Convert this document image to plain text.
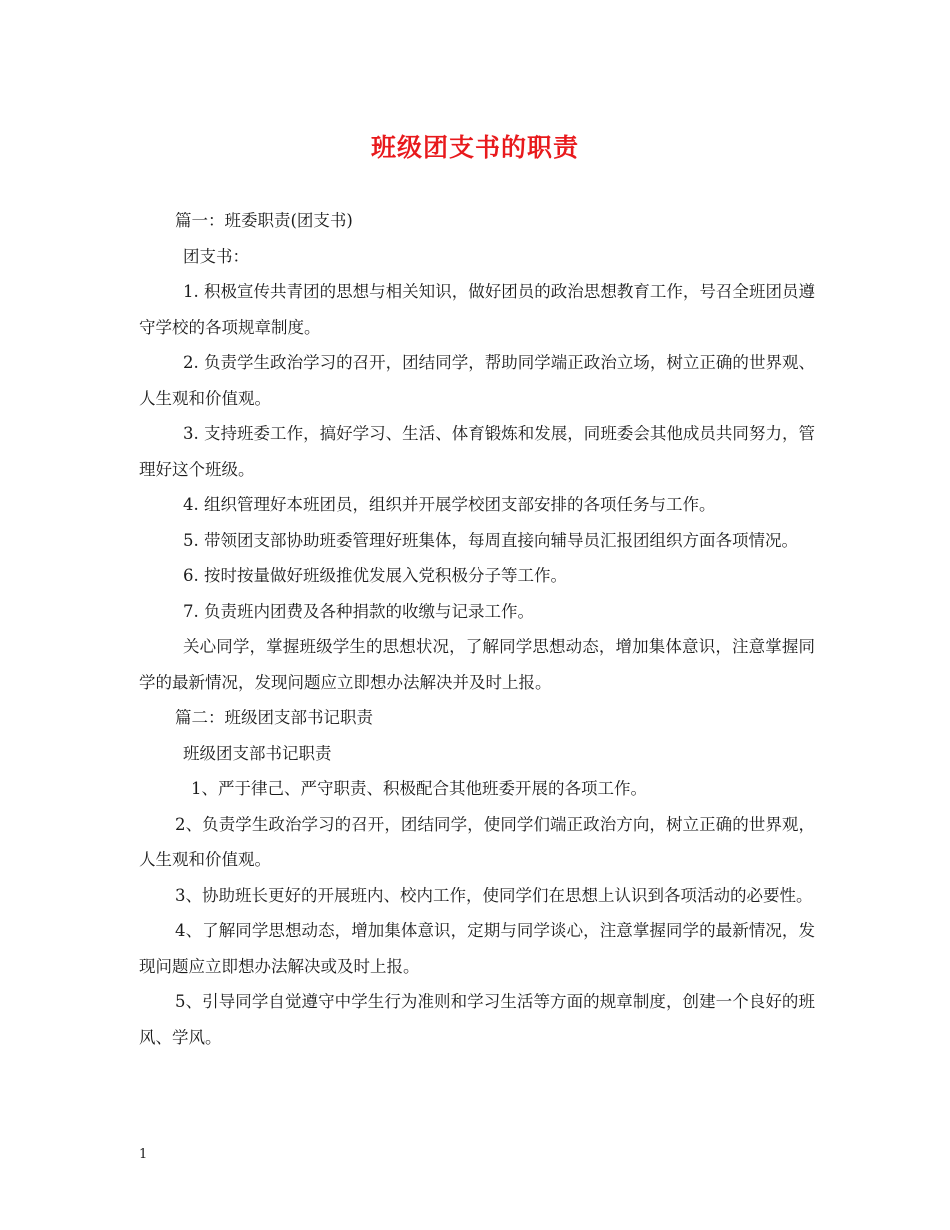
班级团支书的职责

篇一：班委职责(团支书)

团支书：

1. 积极宣传共青团的思想与相关知识，做好团员的政治思想教育工作，号召全班团员遵守学校的各项规章制度。

2. 负责学生政治学习的召开，团结同学，帮助同学端正政治立场，树立正确的世界观、人生观和价值观。

3. 支持班委工作，搞好学习、生活、体育锻炼和发展，同班委会其他成员共同努力，管理好这个班级。

4. 组织管理好本班团员，组织并开展学校团支部安排的各项任务与工作。

5. 带领团支部协助班委管理好班集体，每周直接向辅导员汇报团组织方面各项情况。

6. 按时按量做好班级推优发展入党积极分子等工作。

7. 负责班内团费及各种捐款的收缴与记录工作。

关心同学，掌握班级学生的思想状况，了解同学思想动态，增加集体意识，注意掌握同学的最新情况，发现问题应立即想办法解决并及时上报。

篇二：班级团支部书记职责

班级团支部书记职责

1、严于律己、严守职责、积极配合其他班委开展的各项工作。

2、负责学生政治学习的召开，团结同学，使同学们端正政治方向，树立正确的世界观，人生观和价值观。

3、协助班长更好的开展班内、校内工作，使同学们在思想上认识到各项活动的必要性。

4、了解同学思想动态，增加集体意识，定期与同学谈心，注意掌握同学的最新情况，发现问题应立即想办法解决或及时上报。

5、引导同学自觉遵守中学生行为准则和学习生活等方面的规章制度，创建一个良好的班风、学风。

1
